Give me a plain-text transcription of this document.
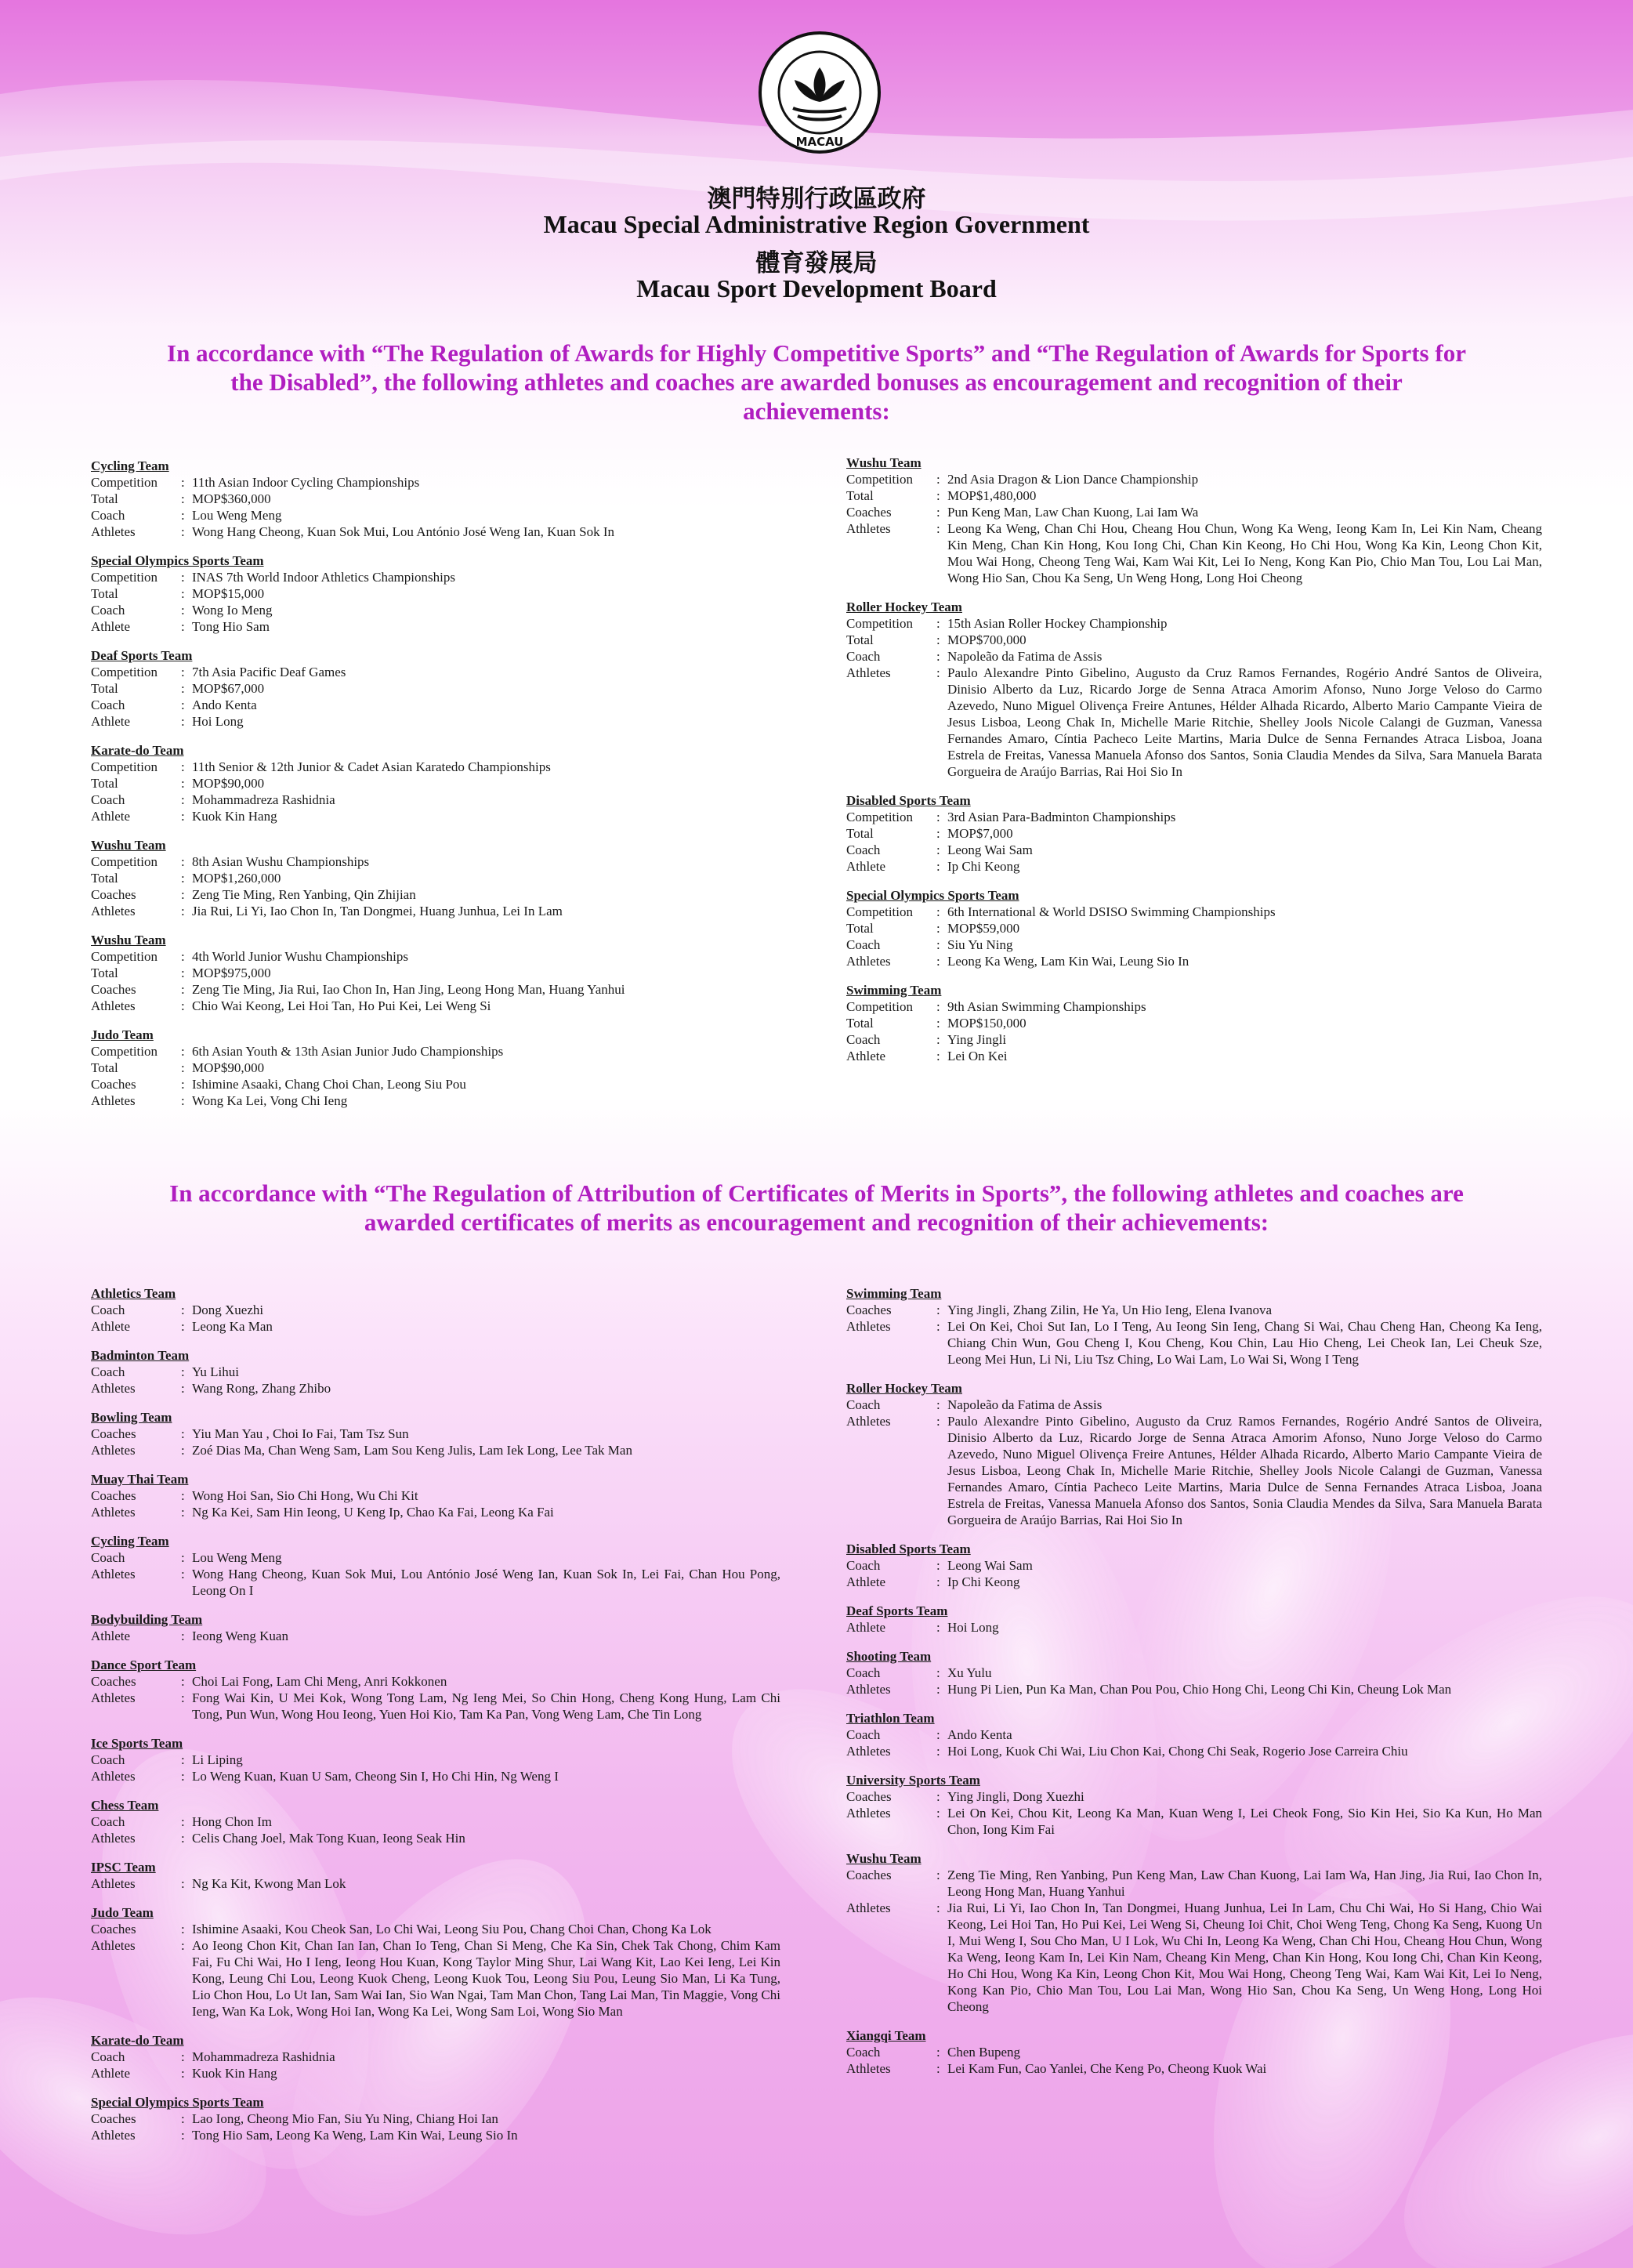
MACAU
澳門特別行政區政府
Macau Special Administrative Region Government
體育發展局
Macau Sport Development Board
In accordance with “The Regulation of Awards for Highly Competitive Sports” and “The Regulation of Awards for Sports for the Disabled”, the following athletes and coaches are awarded bonuses as encouragement and recognition of their achievements:
Cycling Team
Competition	: 11th Asian Indoor Cycling Championships
Total	: MOP$360,000
Coach	: Lou Weng Meng
Athletes	: Wong Hang Cheong, Kuan Sok Mui, Lou António José Weng Ian, Kuan Sok In
Special Olympics Sports Team
Competition	: INAS 7th World Indoor Athletics Championships
Total	: MOP$15,000
Coach	: Wong Io Meng
Athlete	: Tong Hio Sam
Deaf Sports Team
Competition	: 7th Asia Pacific Deaf Games
Total	: MOP$67,000
Coach	: Ando Kenta
Athlete	: Hoi Long
Karate-do Team
Competition	: 11th Senior & 12th Junior & Cadet Asian Karatedo Championships
Total	: MOP$90,000
Coach	: Mohammadreza Rashidnia
Athlete	: Kuok Kin Hang
Wushu Team
Competition	: 8th Asian Wushu Championships
Total	: MOP$1,260,000
Coaches	: Zeng Tie Ming, Ren Yanbing, Qin Zhijian
Athletes	: Jia Rui, Li Yi, Iao Chon In, Tan Dongmei, Huang Junhua, Lei In Lam
Wushu Team
Competition	: 4th World Junior Wushu Championships
Total	: MOP$975,000
Coaches	: Zeng Tie Ming, Jia Rui, Iao Chon In, Han Jing, Leong Hong Man, Huang Yanhui
Athletes	: Chio Wai Keong, Lei Hoi Tan, Ho Pui Kei, Lei Weng Si
Judo Team
Competition	: 6th Asian Youth & 13th Asian Junior Judo Championships
Total	: MOP$90,000
Coaches	: Ishimine Asaaki, Chang Choi Chan, Leong Siu Pou
Athletes	: Wong Ka Lei, Vong Chi Ieng
Wushu Team
Competition	: 2nd Asia Dragon & Lion Dance Championship
Total	: MOP$1,480,000
Coaches	: Pun Keng Man, Law Chan Kuong, Lai Iam Wa
Athletes	: Leong Ka Weng, Chan Chi Hou, Cheang Hou Chun, Wong Ka Weng, Ieong Kam In, Lei Kin Nam, Cheang Kin Meng, Chan Kin Hong, Kou Iong Chi, Chan Kin Keong, Ho Chi Hou, Wong Ka Kin, Leong Chon Kit, Mou Wai Hong, Cheong Teng Wai, Kam Wai Kit, Lei Io Neng, Kong Kan Pio, Chio Man Tou, Lou Lai Man, Wong Hio San, Chou Ka Seng, Un Weng Hong, Long Hoi Cheong
Roller Hockey Team
Competition	: 15th Asian Roller Hockey Championship
Total	: MOP$700,000
Coach	: Napoleão da Fatima de Assis
Athletes	: Paulo Alexandre Pinto Gibelino, Augusto da Cruz Ramos Fernandes, Rogério André Santos de Oliveira, Dinisio Alberto da Luz, Ricardo Jorge de Senna Atraca Amorim Afonso, Nuno Jorge Veloso do Carmo Azevedo, Nuno Miguel Olivença Freire Antunes, Hélder Alhada Ricardo, Alberto Mario Campante Vieira de Jesus Lisboa, Leong Chak In, Michelle Marie Ritchie, Shelley Jools Nicole Calangi de Guzman, Vanessa Fernandes Amaro, Cíntia Pacheco Leite Martins, Maria Dulce de Senna Fernandes Atraca Lisboa, Joana Estrela de Freitas, Vanessa Manuela Afonso dos Santos, Sonia Claudia Mendes da Silva, Sara Manuela Barata Gorgueira de Araújo Barrias, Rai Hoi Sio In
Disabled Sports Team
Competition	: 3rd Asian Para-Badminton Championships
Total	: MOP$7,000
Coach	: Leong Wai Sam
Athlete	: Ip Chi Keong
Special Olympics Sports Team
Competition	: 6th International & World DSISO Swimming Championships
Total	: MOP$59,000
Coach	: Siu Yu Ning
Athletes	: Leong Ka Weng, Lam Kin Wai, Leung Sio In
Swimming Team
Competition	: 9th Asian Swimming Championships
Total	: MOP$150,000
Coach	: Ying Jingli
Athlete	: Lei On Kei
In accordance with “The Regulation of Attribution of Certificates of Merits in Sports”, the following athletes and coaches are awarded certificates of merits as encouragement and recognition of their achievements:
Athletics Team
Coach	: Dong Xuezhi
Athlete	: Leong Ka Man
Badminton Team
Coach	: Yu Lihui
Athletes	: Wang Rong, Zhang Zhibo
Bowling Team
Coaches	: Yiu Man Yau , Choi Io Fai, Tam Tsz Sun
Athletes	: Zoé Dias Ma, Chan Weng Sam, Lam Sou Keng Julis, Lam Iek Long, Lee Tak Man
Muay Thai Team
Coaches	: Wong Hoi San, Sio Chi Hong, Wu Chi Kit
Athletes	: Ng Ka Kei, Sam Hin Ieong, U Keng Ip, Chao Ka Fai, Leong Ka Fai
Cycling Team
Coach	: Lou Weng Meng
Athletes	: Wong Hang Cheong, Kuan Sok Mui, Lou António José Weng Ian, Kuan Sok In, Lei Fai, Chan Hou Pong, Leong On I
Bodybuilding Team
Athlete	: Ieong Weng Kuan
Dance Sport Team
Coaches	: Choi Lai Fong, Lam Chi Meng, Anri Kokkonen
Athletes	: Fong Wai Kin, U Mei Kok, Wong Tong Lam, Ng Ieng Mei, So Chin Hong, Cheng Kong Hung, Lam Chi Tong, Pun Wun, Wong Hou Ieong, Yuen Hoi Kio, Tam Ka Pan, Vong Weng Lam, Che Tin Long
Ice Sports Team
Coach	: Li Liping
Athletes	: Lo Weng Kuan, Kuan U Sam, Cheong Sin I, Ho Chi Hin, Ng Weng I
Chess Team
Coach	: Hong Chon Im
Athletes	: Celis Chang Joel, Mak Tong Kuan, Ieong Seak Hin
IPSC Team
Athletes	: Ng Ka Kit, Kwong Man Lok
Judo Team
Coaches	: Ishimine Asaaki, Kou Cheok San, Lo Chi Wai, Leong Siu Pou, Chang Choi Chan, Chong Ka Lok
Athletes	: Ao Ieong Chon Kit, Chan Ian Ian, Chan Io Teng, Chan Si Meng, Che Ka Sin, Chek Tak Chong, Chim Kam Fai, Fu Chi Wai, Ho I Ieng, Ieong Hou Kuan, Kong Taylor Ming Shur, Lai Wang Kit, Lao Kei Ieng, Lei Kin Kong, Leung Chi Lou, Leong Kuok Cheng, Leong Kuok Tou, Leong Siu Pou, Leung Sio Man, Li Ka Tung, Lio Chon Hou, Lo Ut Ian, Sam Wai Ian, Sio Wan Ngai, Tam Man Chon, Tang Lai Man, Tin Maggie, Vong Chi Ieng, Wan Ka Lok, Wong Hoi Ian, Wong Ka Lei, Wong Sam Loi, Wong Sio Man
Karate-do Team
Coach	: Mohammadreza Rashidnia
Athlete	: Kuok Kin Hang
Special Olympics Sports Team
Coaches	: Lao Iong, Cheong Mio Fan, Siu Yu Ning, Chiang Hoi Ian
Athletes	: Tong Hio Sam, Leong Ka Weng, Lam Kin Wai, Leung Sio In
Swimming Team
Coaches	: Ying Jingli, Zhang Zilin, He Ya, Un Hio Ieng, Elena Ivanova
Athletes	: Lei On Kei, Choi Sut Ian, Lo I Teng, Au Ieong Sin Ieng, Chang Si Wai, Chau Cheng Han, Cheong Ka Ieng, Chiang Chin Wun, Gou Cheng I, Kou Cheng, Kou Chin, Lau Hio Cheng, Lei Cheok Ian, Lei Cheuk Sze, Leong Mei Hun, Li Ni, Liu Tsz Ching, Lo Wai Lam, Lo Wai Si, Wong I Teng
Roller Hockey Team
Coach	: Napoleão da Fatima de Assis
Athletes	: Paulo Alexandre Pinto Gibelino, Augusto da Cruz Ramos Fernandes, Rogério André Santos de Oliveira, Dinisio Alberto da Luz, Ricardo Jorge de Senna Atraca Amorim Afonso, Nuno Jorge Veloso do Carmo Azevedo, Nuno Miguel Olivença Freire Antunes, Hélder Alhada Ricardo, Alberto Mario Campante Vieira de Jesus Lisboa, Leong Chak In, Michelle Marie Ritchie, Shelley Jools Nicole Calangi de Guzman, Vanessa Fernandes Amaro, Cíntia Pacheco Leite Martins, Maria Dulce de Senna Fernandes Atraca Lisboa, Joana Estrela de Freitas, Vanessa Manuela Afonso dos Santos, Sonia Claudia Mendes da Silva, Sara Manuela Barata Gorgueira de Araújo Barrias, Rai Hoi Sio In
Disabled Sports Team
Coach	: Leong Wai Sam
Athlete	: Ip Chi Keong
Deaf Sports Team
Athlete	: Hoi Long
Shooting Team
Coach	: Xu Yulu
Athletes	: Hung Pi Lien, Pun Ka Man, Chan Pou Pou, Chio Hong Chi, Leong Chi Kin, Cheung Lok Man
Triathlon Team
Coach	: Ando Kenta
Athletes	: Hoi Long, Kuok Chi Wai, Liu Chon Kai, Chong Chi Seak, Rogerio Jose Carreira Chiu
University Sports Team
Coaches	: Ying Jingli, Dong Xuezhi
Athletes	: Lei On Kei, Chou Kit, Leong Ka Man, Kuan Weng I, Lei Cheok Fong, Sio Kin Hei, Sio Ka Kun, Ho Man Chon, Iong Kim Fai
Wushu Team
Coaches	: Zeng Tie Ming, Ren Yanbing, Pun Keng Man, Law Chan Kuong, Lai Iam Wa, Han Jing, Jia Rui, Iao Chon In, Leong Hong Man, Huang Yanhui
Athletes	: Jia Rui, Li Yi, Iao Chon In, Tan Dongmei, Huang Junhua, Lei In Lam, Chu Chi Wai, Ho Si Hang, Chio Wai Keong, Lei Hoi Tan, Ho Pui Kei, Lei Weng Si, Cheung Ioi Chit, Choi Weng Teng, Chong Ka Seng, Kuong Un I, Mui Weng I, Sou Cho Man, U I Lok, Wu Chi In, Leong Ka Weng, Chan Chi Hou, Cheang Hou Chun, Wong Ka Weng, Ieong Kam In, Lei Kin Nam, Cheang Kin Meng, Chan Kin Hong, Kou Iong Chi, Chan Kin Keong, Ho Chi Hou, Wong Ka Kin, Leong Chon Kit, Mou Wai Hong, Cheong Teng Wai, Kam Wai Kit, Lei Io Neng, Kong Kan Pio, Chio Man Tou, Lou Lai Man, Wong Hio San, Chou Ka Seng, Un Weng Hong, Long Hoi Cheong
Xiangqi Team
Coach	: Chen Bupeng
Athletes	: Lei Kam Fun, Cao Yanlei, Che Keng Po, Cheong Kuok Wai
